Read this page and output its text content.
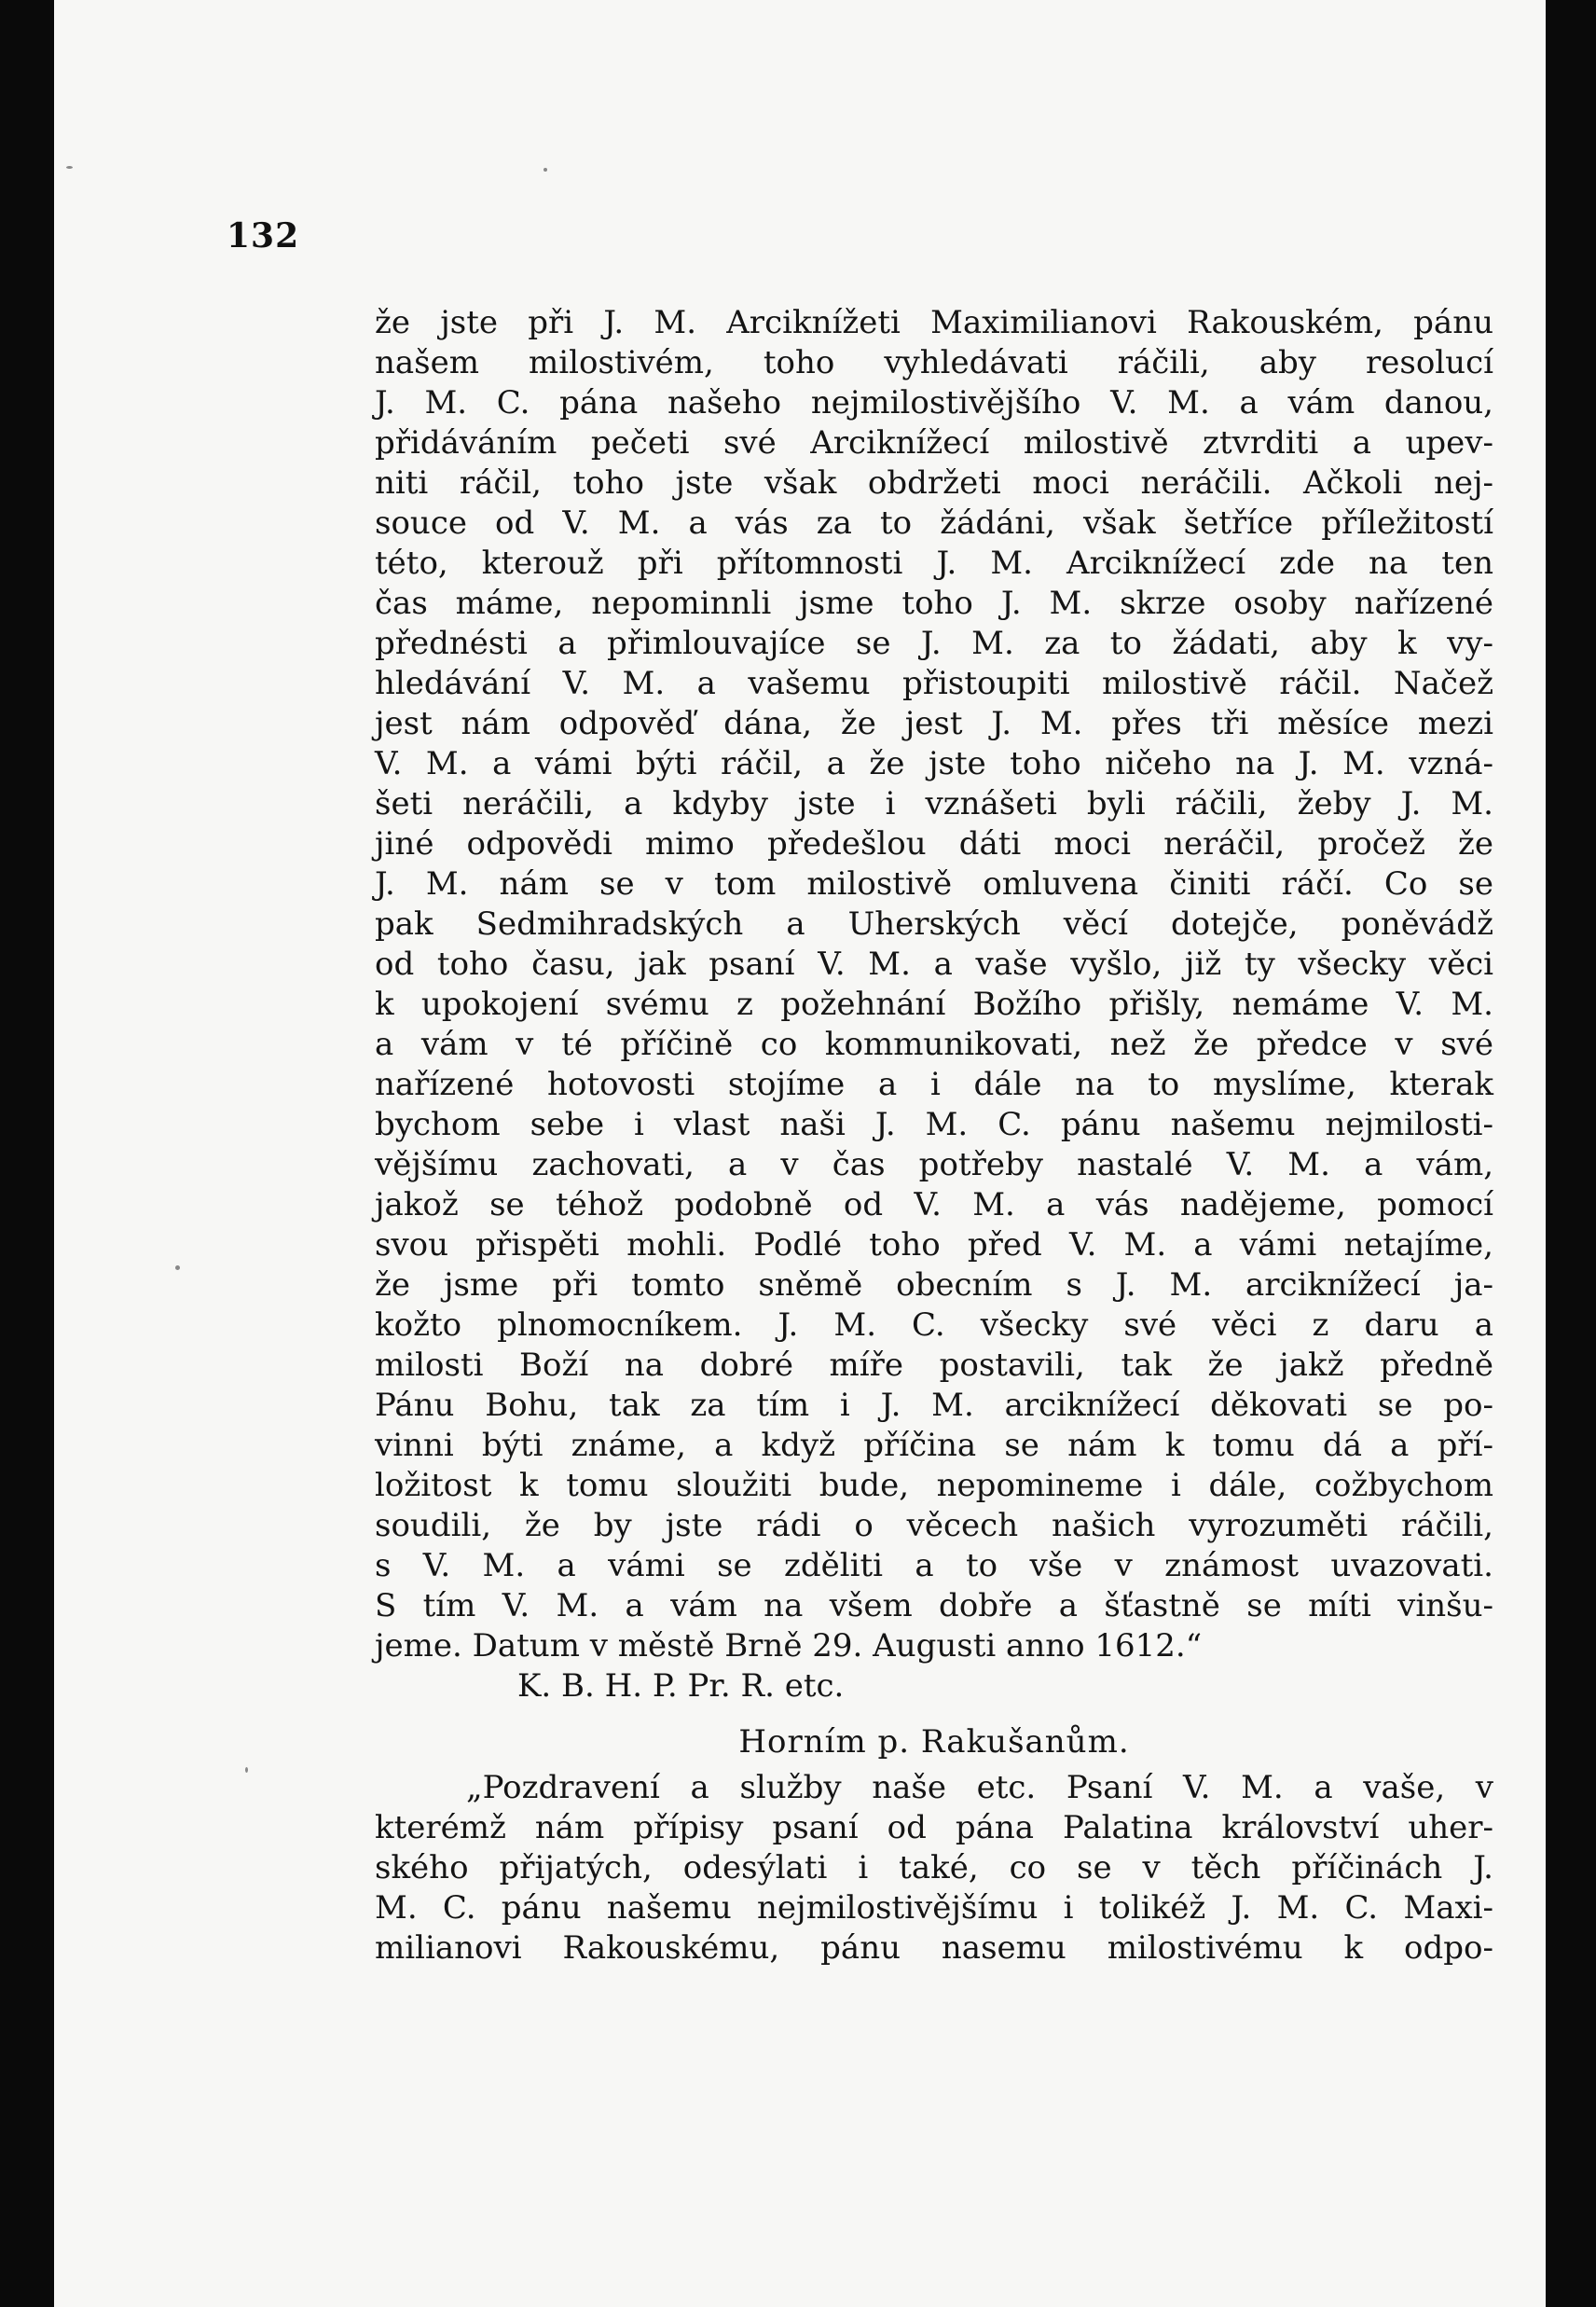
132
že jste při J. M. Arciknížeti Maximilianovi Rakouském, pánu
našem milostivém, toho vyhledávati ráčili, aby resolucí
J. M. C. pána našeho nejmilostivějšího V. M. a vám danou,
přidáváním pečeti své Arciknížecí milostivě ztvrditi a upev-
niti ráčil, toho jste však obdržeti moci neráčili. Ačkoli nej-
souce od V. M. a vás za to žádáni, však šetříce příležitostí
této, kterouž při přítomnosti J. M. Arciknížecí zde na ten
čas máme, nepominnli jsme toho J. M. skrze osoby nařízené
přednésti a přimlouvajíce se J. M. za to žádati, aby k vy-
hledávání V. M. a vašemu přistoupiti milostivě ráčil. Načež
jest nám odpověď dána, že jest J. M. přes tři měsíce mezi
V. M. a vámi býti ráčil, a že jste toho ničeho na J. M. vzná-
šeti neráčili, a kdyby jste i vznášeti byli ráčili, žeby J. M.
jiné odpovědi mimo předešlou dáti moci neráčil, pročež že
J. M. nám se v tom milostivě omluvena činiti ráčí. Co se
pak Sedmihradských a Uherských věcí dotejče, poněvádž
od toho času, jak psaní V. M. a vaše vyšlo, již ty všecky věci
k upokojení svému z požehnání Božího přišly, nemáme V. M.
a vám v té příčině co kommunikovati, než že předce v své
nařízené hotovosti stojíme a i dále na to myslíme, kterak
bychom sebe i vlast naši J. M. C. pánu našemu nejmilosti-
vějšímu zachovati, a v čas potřeby nastalé V. M. a vám,
jakož se téhož podobně od V. M. a vás nadějeme, pomocí
svou přispěti mohli. Podlé toho před V. M. a vámi netajíme,
že jsme při tomto sněmě obecním s J. M. arciknížecí ja-
kožto plnomocníkem. J. M. C. všecky své věci z daru a
milosti Boží na dobré míře postavili, tak že jakž předně
Pánu Bohu, tak za tím i J. M. arciknížecí děkovati se po-
vinni býti známe, a když příčina se nám k tomu dá a pří-
ložitost k tomu sloužiti bude, nepomineme i dále, cožbychom
soudili, že by jste rádi o věcech našich vyrozuměti ráčili,
s V. M. a vámi se zděliti a to vše v známost uvazovati.
S tím V. M. a vám na všem dobře a šťastně se míti vinšu-
jeme. Datum v městě Brně 29. Augusti anno 1612.“
K. B. H. P. Pr. R. etc.
Horním p. Rakušanům.
„Pozdravení a služby naše etc. Psaní V. M. a vaše, v
kterémž nám přípisy psaní od pána Palatina království uher-
ského přijatých, odesýlati i také, co se v těch příčinách J.
M. C. pánu našemu nejmilostivějšímu i tolikéž J. M. C. Maxi-
milianovi Rakouskému, pánu nasemu milostivému k odpo-
